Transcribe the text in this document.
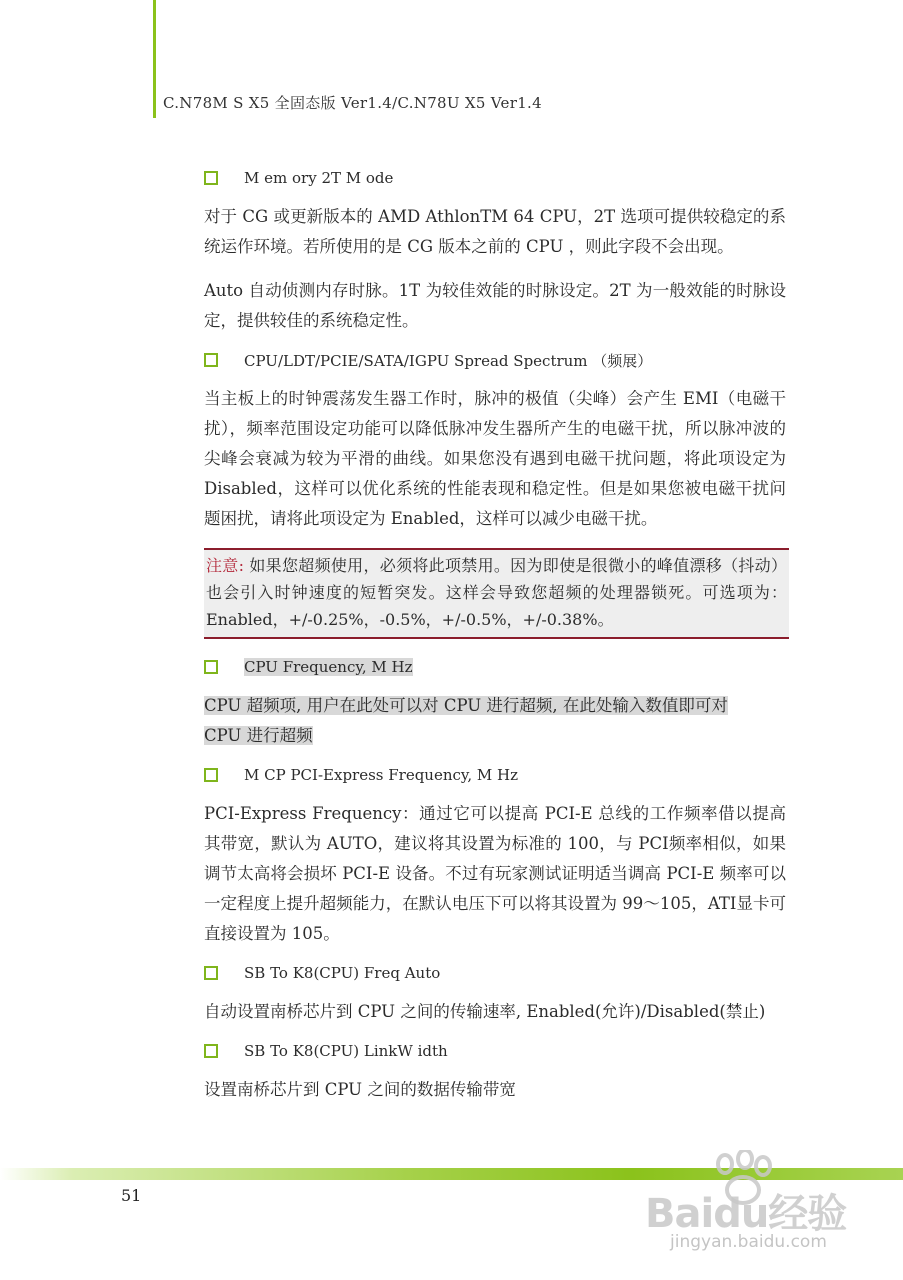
C.N78M S X5 全固态版 Ver1.4/C.N78U X5 Ver1.4
M em ory 2T M ode

对于 CG 或更新版本的 AMD AthlonTM 64 CPU，2T 选项可提供较稳定的系统运作环境。若所使用的是 CG 版本之前的 CPU ，则此字段不会出现。

Auto 自动侦测内存时脉。1T 为较佳效能的时脉设定。2T 为一般效能的时脉设定，提供较佳的系统稳定性。

CPU/LDT/PCIE/SATA/IGPU Spread Spectrum （频展）

当主板上的时钟震荡发生器工作时，脉冲的极值（尖峰）会产生 EMI（电磁干扰），频率范围设定功能可以降低脉冲发生器所产生的电磁干扰，所以脉冲波的尖峰会衰减为较为平滑的曲线。如果您没有遇到电磁干扰问题，将此项设定为 Disabled，这样可以优化系统的性能表现和稳定性。但是如果您被电磁干扰问题困扰，请将此项设定为 Enabled，这样可以减少电磁干扰。

注意: 如果您超频使用，必须将此项禁用。因为即使是很微小的峰值漂移（抖动）也会引入时钟速度的短暂突发。这样会导致您超频的处理器锁死。可选项为：Enabled，+/-0.25%，-0.5%，+/-0.5%，+/-0.38%。

CPU Frequency, M Hz

CPU 超频项, 用户在此处可以对 CPU 进行超频, 在此处输入数值即可对
CPU 进行超频

M CP PCI-Express Frequency, M Hz

PCI-Express Frequency：通过它可以提高 PCI-E 总线的工作频率借以提高其带宽，默认为 AUTO，建议将其设置为标准的 100，与 PCI频率相似，如果调节太高将会损坏 PCI-E 设备。不过有玩家测试证明适当调高 PCI-E 频率可以一定程度上提升超频能力，在默认电压下可以将其设置为 99～105，ATI显卡可直接设置为 105。

SB To K8(CPU) Freq Auto

自动设置南桥芯片到 CPU 之间的传输速率, Enabled(允许)/Disabled(禁止)

SB To K8(CPU) LinkW idth

设置南桥芯片到 CPU 之间的数据传输带宽

51	Baidu经验
jingyan.baidu.com
